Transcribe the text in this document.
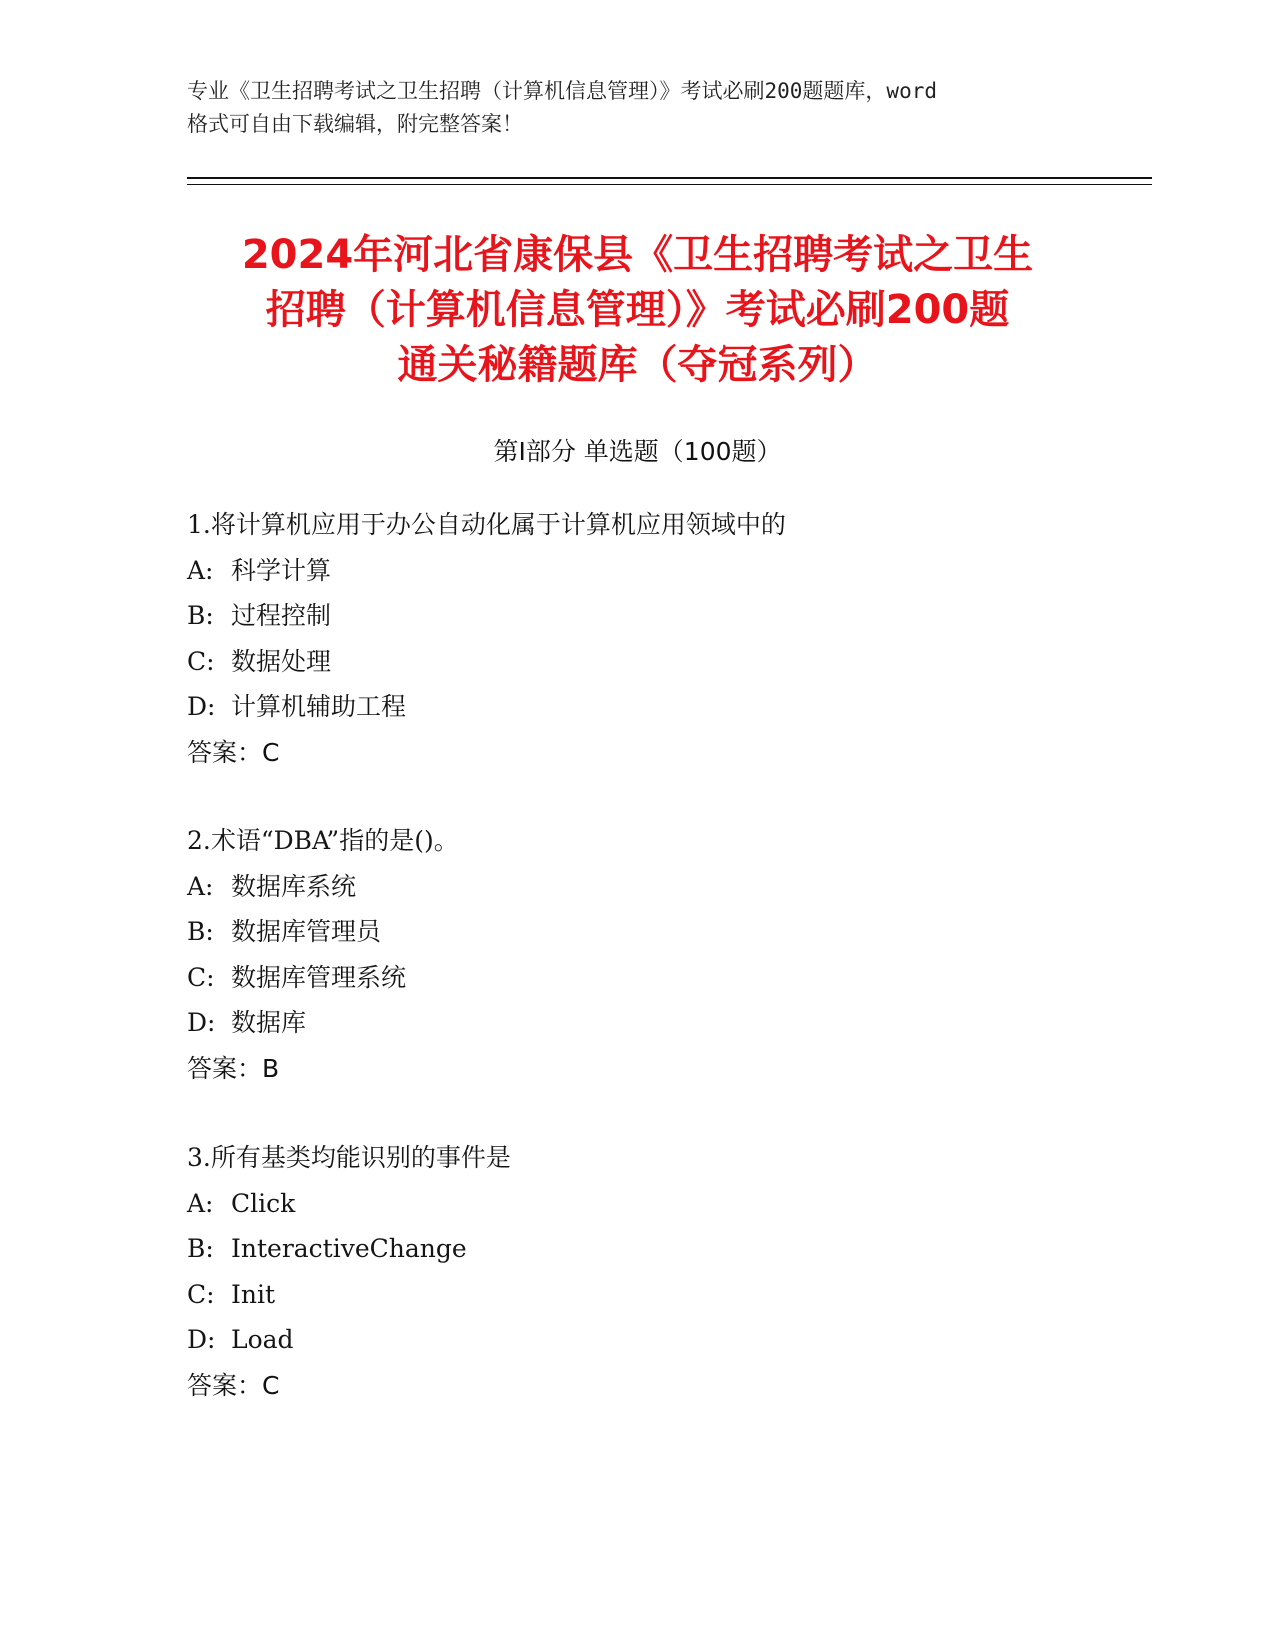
专业《卫生招聘考试之卫生招聘（计算机信息管理）》考试必刷200题题库，word
格式可自由下载编辑，附完整答案！
2024年河北省康保县《卫生招聘考试之卫生
招聘（计算机信息管理）》考试必刷200题
通关秘籍题库（夺冠系列）
第Ⅰ部分 单选题（100题）
1.将计算机应用于办公自动化属于计算机应用领域中的
A: 科学计算
B: 过程控制
C: 数据处理
D: 计算机辅助工程
答案：C
2.术语“DBA”指的是()。
A: 数据库系统
B: 数据库管理员
C: 数据库管理系统
D: 数据库
答案：B
3.所有基类均能识别的事件是
A: Click
B: InteractiveChange
C: Init
D: Load
答案：C
